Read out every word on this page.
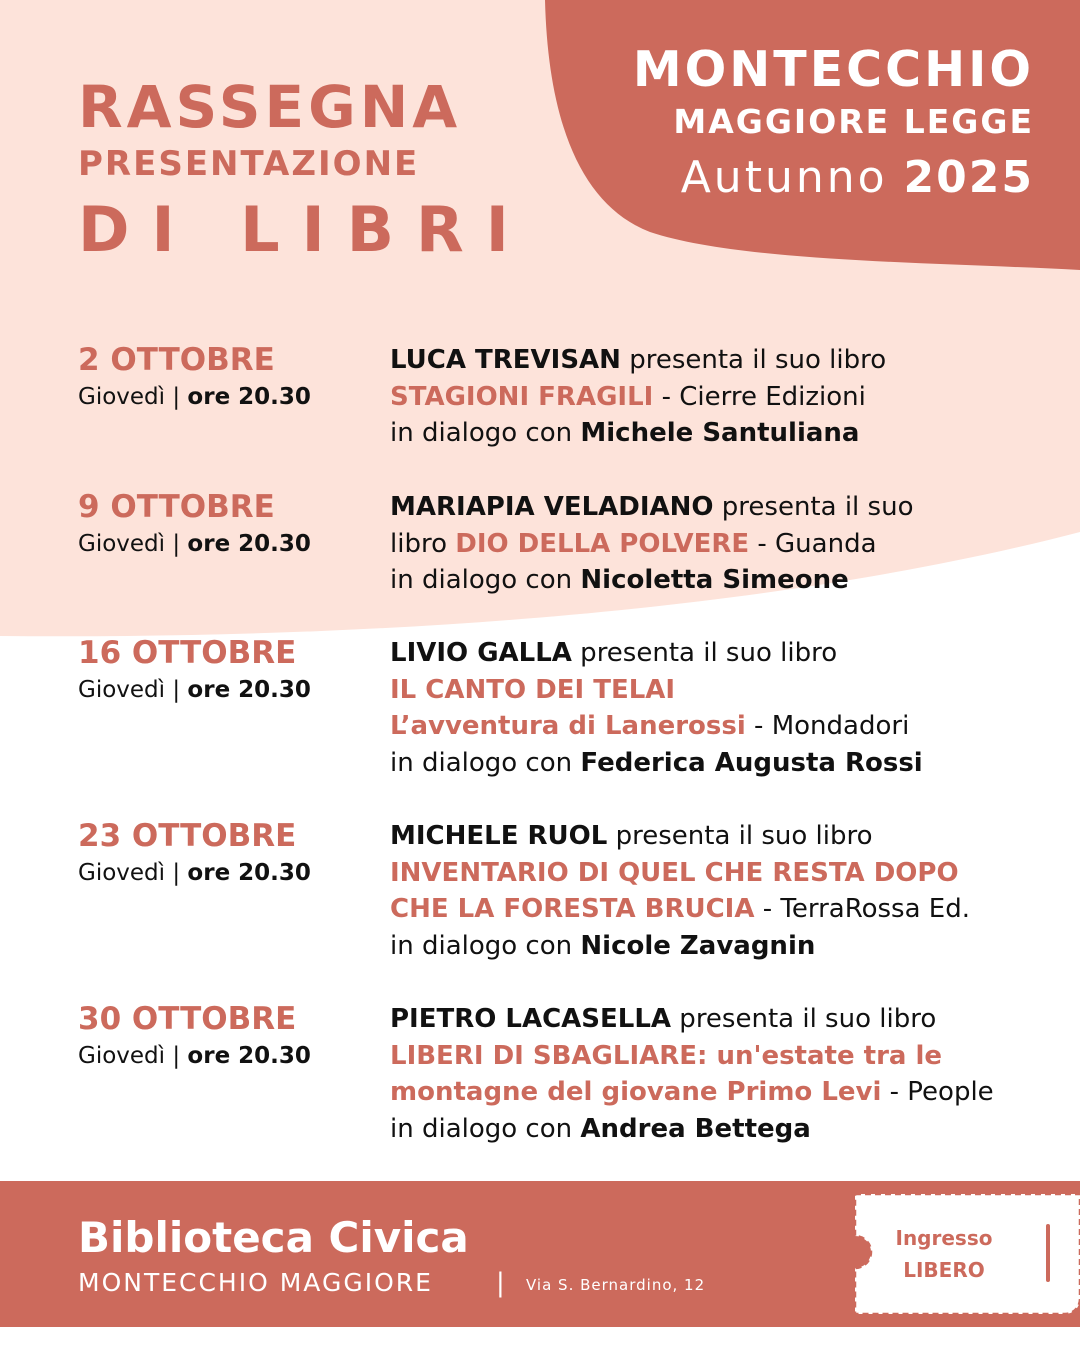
RASSEGNA
PRESENTAZIONE
DI LIBRI
MONTECCHIO
MAGGIORE LEGGE
Autunno 2025
2 OTTOBRE
Giovedì | ore 20.30
LUCA TREVISAN presenta il suo libro
STAGIONI FRAGILI - Cierre Edizioni
in dialogo con Michele Santuliana
9 OTTOBRE
Giovedì | ore 20.30
MARIAPIA VELADIANO presenta il suo
libro DIO DELLA POLVERE - Guanda
in dialogo con Nicoletta Simeone
16 OTTOBRE
Giovedì | ore 20.30
LIVIO GALLA presenta il suo libro
IL CANTO DEI TELAI
L’avventura di Lanerossi - Mondadori
in dialogo con Federica Augusta Rossi
23 OTTOBRE
Giovedì | ore 20.30
MICHELE RUOL presenta il suo libro
INVENTARIO DI QUEL CHE RESTA DOPO
CHE LA FORESTA BRUCIA - TerraRossa Ed.
in dialogo con Nicole Zavagnin
30 OTTOBRE
Giovedì | ore 20.30
PIETRO LACASELLA presenta il suo libro
LIBERI DI SBAGLIARE: un'estate tra le
montagne del giovane Primo Levi - People
in dialogo con Andrea Bettega
Biblioteca Civica
MONTECCHIO MAGGIORE | Via S. Bernardino, 12
Ingresso
LIBERO
